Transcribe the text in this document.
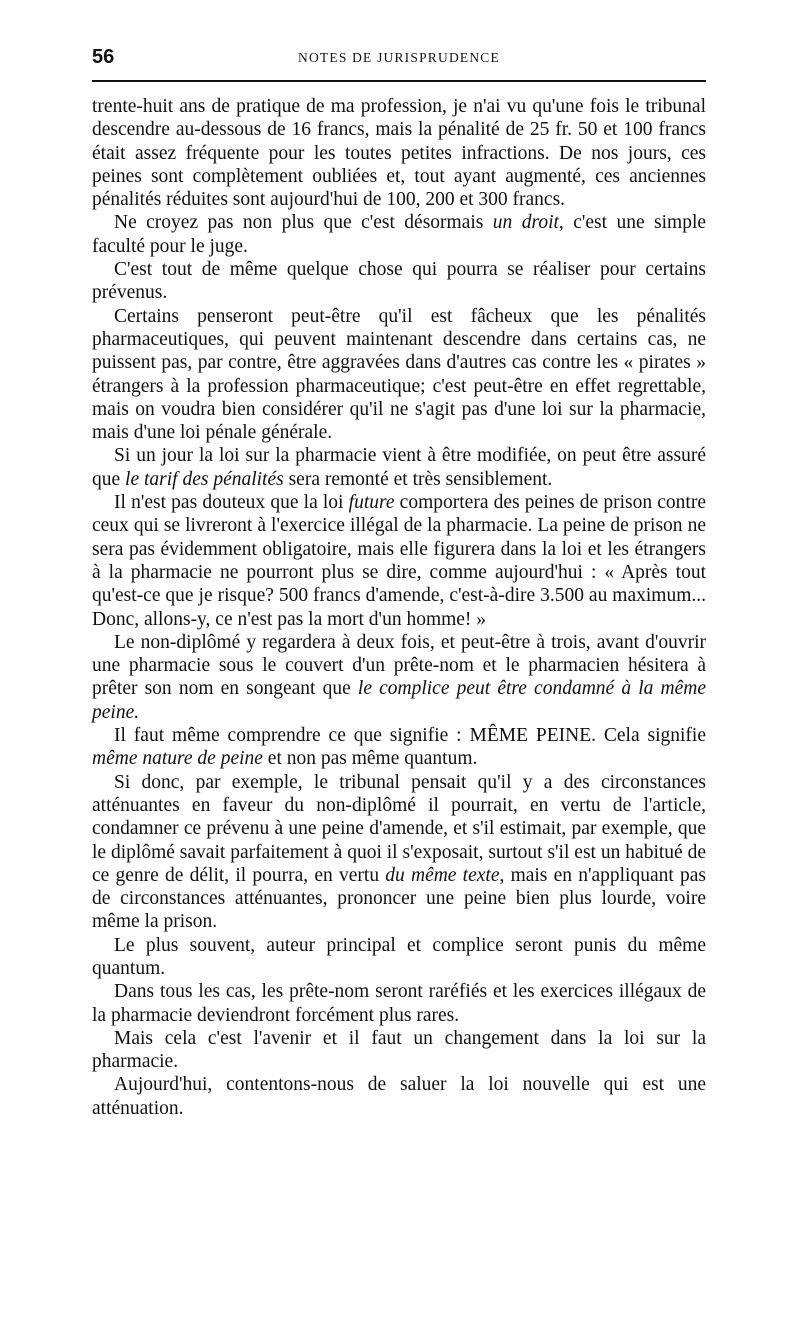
56	NOTES DE JURISPRUDENCE

trente-huit ans de pratique de ma profession, je n'ai vu qu'une fois le tribunal descendre au-dessous de 16 francs, mais la pénalité de 25 fr. 50 et 100 francs était assez fréquente pour les toutes petites infractions. De nos jours, ces peines sont complètement oubliées et, tout ayant augmenté, ces anciennes pénalités réduites sont aujourd'hui de 100, 200 et 300 francs.

Ne croyez pas non plus que c'est désormais un droit, c'est une simple faculté pour le juge.

C'est tout de même quelque chose qui pourra se réaliser pour certains prévenus.

Certains penseront peut-être qu'il est fâcheux que les pénalités pharmaceutiques, qui peuvent maintenant descendre dans certains cas, ne puissent pas, par contre, être aggravées dans d'autres cas contre les « pirates » étrangers à la profession pharmaceutique; c'est peut-être en effet regrettable, mais on voudra bien considérer qu'il ne s'agit pas d'une loi sur la pharmacie, mais d'une loi pénale générale.

Si un jour la loi sur la pharmacie vient à être modifiée, on peut être assuré que le tarif des pénalités sera remonté et très sensiblement.

Il n'est pas douteux que la loi future comportera des peines de prison contre ceux qui se livreront à l'exercice illégal de la pharmacie. La peine de prison ne sera pas évidemment obligatoire, mais elle figurera dans la loi et les étrangers à la pharmacie ne pourront plus se dire, comme aujourd'hui : « Après tout qu'est-ce que je risque? 500 francs d'amende, c'est-à-dire 3.500 au maximum... Donc, allons-y, ce n'est pas la mort d'un homme! »

Le non-diplômé y regardera à deux fois, et peut-être à trois, avant d'ouvrir une pharmacie sous le couvert d'un prête-nom et le pharmacien hésitera à prêter son nom en songeant que le complice peut être condamné à la même peine.

Il faut même comprendre ce que signifie : MÊME PEINE. Cela signifie même nature de peine et non pas même quantum.

Si donc, par exemple, le tribunal pensait qu'il y a des circonstances atténuantes en faveur du non-diplômé il pourrait, en vertu de l'article, condamner ce prévenu à une peine d'amende, et s'il estimait, par exemple, que le diplômé savait parfaitement à quoi il s'exposait, surtout s'il est un habitué de ce genre de délit, il pourra, en vertu du même texte, mais en n'appliquant pas de circonstances atténuantes, prononcer une peine bien plus lourde, voire même la prison.

Le plus souvent, auteur principal et complice seront punis du même quantum.

Dans tous les cas, les prête-nom seront raréfiés et les exercices illégaux de la pharmacie deviendront forcément plus rares.

Mais cela c'est l'avenir et il faut un changement dans la loi sur la pharmacie.

Aujourd'hui, contentons-nous de saluer la loi nouvelle qui est une atténuation.
